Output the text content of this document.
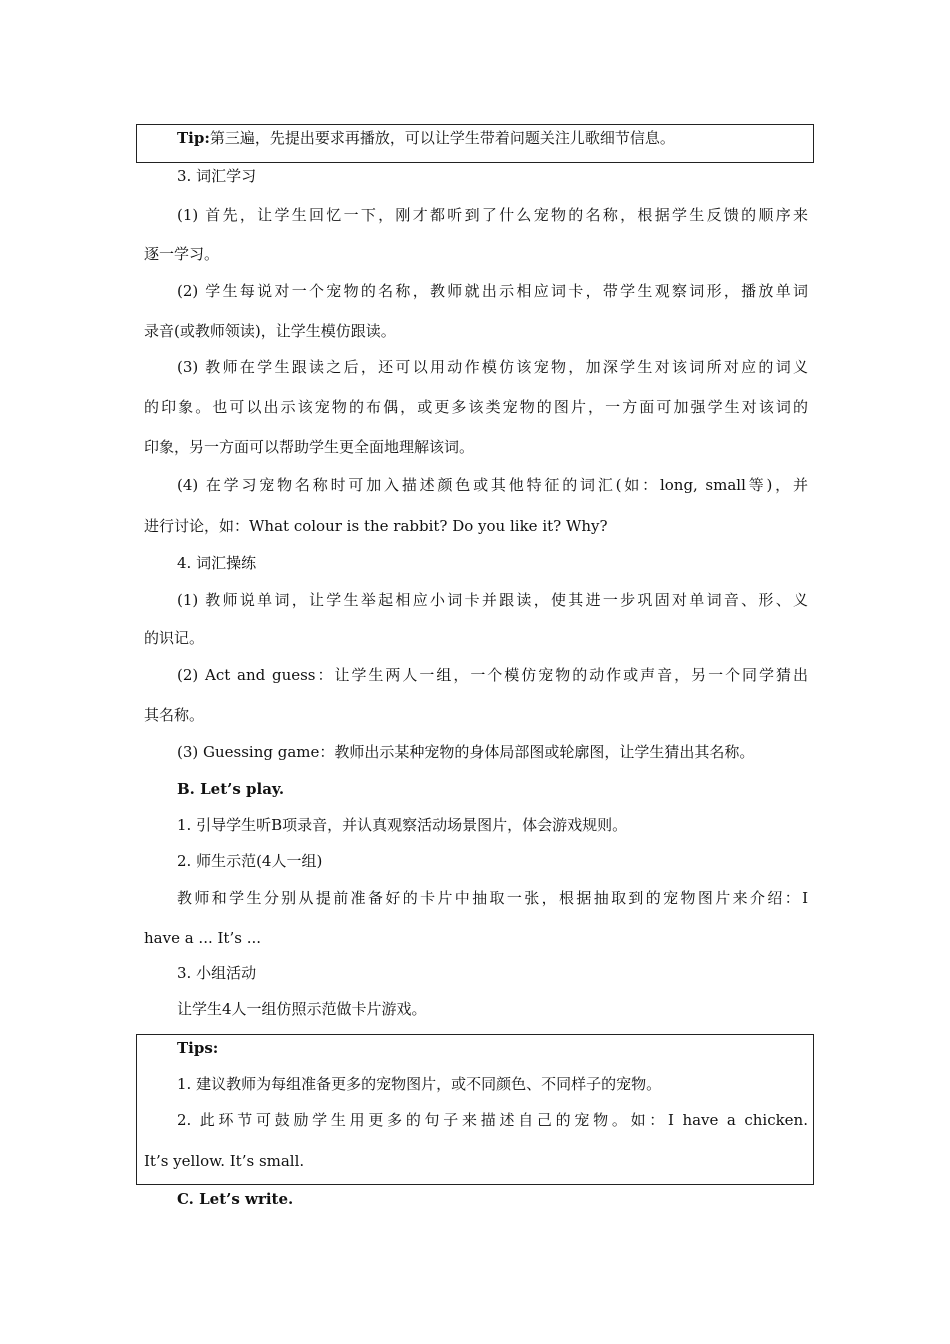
Tip:第三遍，先提出要求再播放，可以让学生带着问题关注儿歌细节信息。
3. 词汇学习
(1) 首先，让学生回忆一下，刚才都听到了什么宠物的名称，根据学生反馈的顺序来
逐一学习。
(2) 学生每说对一个宠物的名称，教师就出示相应词卡，带学生观察词形，播放单词
录音(或教师领读)，让学生模仿跟读。
(3) 教师在学生跟读之后，还可以用动作模仿该宠物，加深学生对该词所对应的词义
的印象。也可以出示该宠物的布偶，或更多该类宠物的图片，一方面可加强学生对该词的
印象，另一方面可以帮助学生更全面地理解该词。
(4) 在学习宠物名称时可加入描述颜色或其他特征的词汇(如：long, small等)，并
进行讨论，如：What colour is the rabbit? Do you like it? Why?
4. 词汇操练
(1) 教师说单词，让学生举起相应小词卡并跟读，使其进一步巩固对单词音、形、义
的识记。
(2) Act and guess：让学生两人一组，一个模仿宠物的动作或声音，另一个同学猜出
其名称。
(3) Guessing game：教师出示某种宠物的身体局部图或轮廓图，让学生猜出其名称。
B. Let’s play.
1. 引导学生听B项录音，并认真观察活动场景图片，体会游戏规则。
2. 师生示范(4人一组)
教师和学生分别从提前准备好的卡片中抽取一张，根据抽取到的宠物图片来介绍：I
have a ... It’s ...
3. 小组活动
让学生4人一组仿照示范做卡片游戏。
Tips:
1. 建议教师为每组准备更多的宠物图片，或不同颜色、不同样子的宠物。
2. 此环节可鼓励学生用更多的句子来描述自己的宠物。如：I have a chicken.
It’s yellow. It’s small.
C. Let’s write.
